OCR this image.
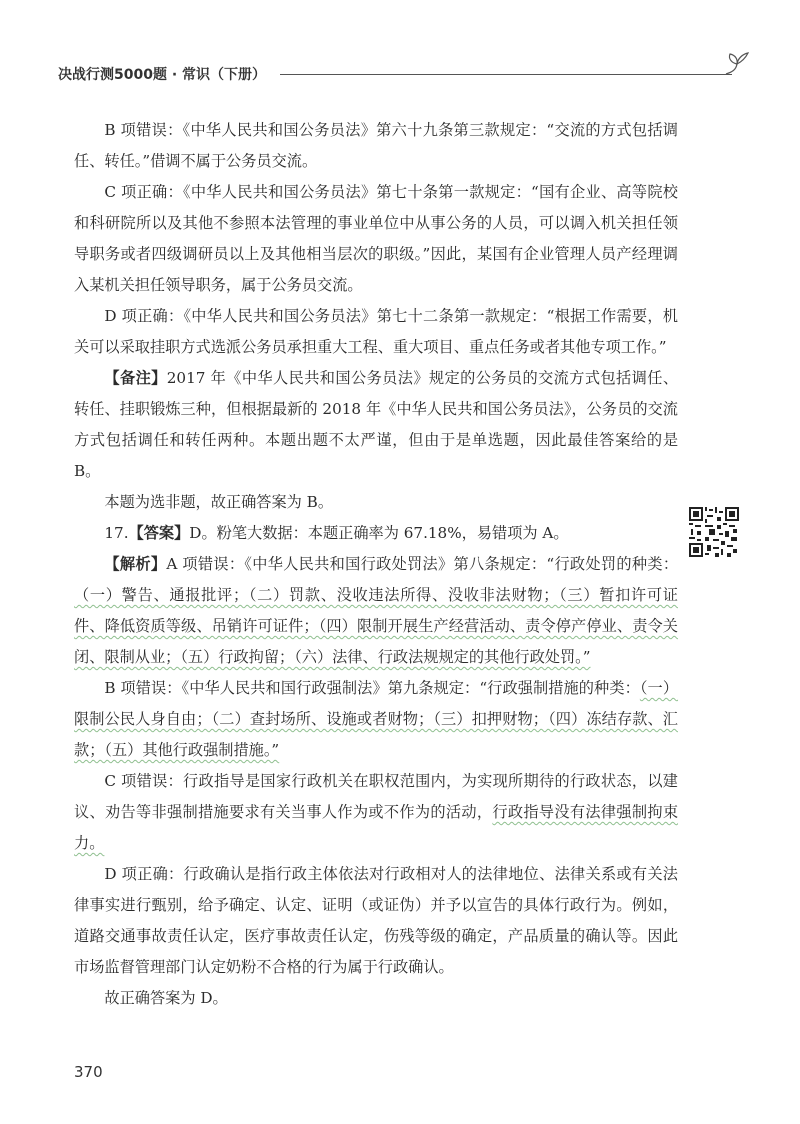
决战行测5000题 · 常识（下册）

B 项错误：《中华人民共和国公务员法》第六十九条第三款规定：“交流的方式包括调任、转任。”借调不属于公务员交流。

C 项正确：《中华人民共和国公务员法》第七十条第一款规定：“国有企业、高等院校和科研院所以及其他不参照本法管理的事业单位中从事公务的人员，可以调入机关担任领导职务或者四级调研员以上及其他相当层次的职级。”因此，某国有企业管理人员产经理调入某机关担任领导职务，属于公务员交流。

D 项正确：《中华人民共和国公务员法》第七十二条第一款规定：“根据工作需要，机关可以采取挂职方式选派公务员承担重大工程、重大项目、重点任务或者其他专项工作。”

【备注】2017 年《中华人民共和国公务员法》规定的公务员的交流方式包括调任、转任、挂职锻炼三种，但根据最新的 2018 年《中华人民共和国公务员法》，公务员的交流方式包括调任和转任两种。本题出题不太严谨，但由于是单选题，因此最佳答案给的是 B。

本题为选非题，故正确答案为 B。

17.【答案】D。粉笔大数据：本题正确率为 67.18%，易错项为 A。

【解析】A 项错误：《中华人民共和国行政处罚法》第八条规定：“行政处罚的种类：（一）警告、通报批评；（二）罚款、没收违法所得、没收非法财物；（三）暂扣许可证件、降低资质等级、吊销许可证件；（四）限制开展生产经营活动、责令停产停业、责令关闭、限制从业；（五）行政拘留；（六）法律、行政法规规定的其他行政处罚。”

B 项错误：《中华人民共和国行政强制法》第九条规定：“行政强制措施的种类：（一）限制公民人身自由；（二）查封场所、设施或者财物；（三）扣押财物；（四）冻结存款、汇款；（五）其他行政强制措施。”

C 项错误：行政指导是国家行政机关在职权范围内，为实现所期待的行政状态，以建议、劝告等非强制措施要求有关当事人作为或不作为的活动，行政指导没有法律强制拘束力。

D 项正确：行政确认是指行政主体依法对行政相对人的法律地位、法律关系或有关法律事实进行甄别，给予确定、认定、证明（或证伪）并予以宣告的具体行政行为。例如，道路交通事故责任认定，医疗事故责任认定，伤残等级的确定，产品质量的确认等。因此市场监督管理部门认定奶粉不合格的行为属于行政确认。

故正确答案为 D。

370
